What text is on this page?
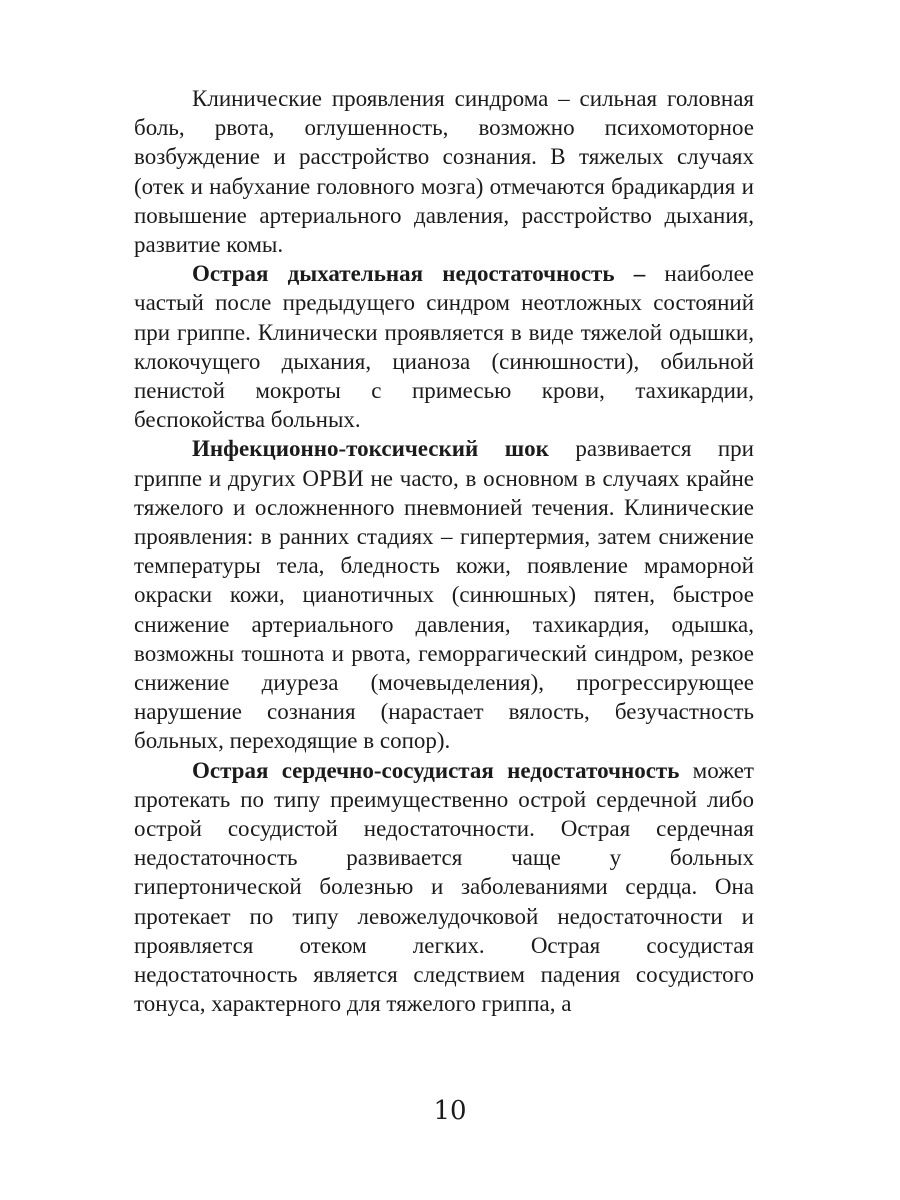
Клинические проявления синдрома – сильная головная боль, рвота, оглушенность, возможно психомоторное возбуждение и расстройство сознания. В тяжелых случаях (отек и набухание головного мозга) отмечаются брадикардия и повышение артериального давления, расстройство дыхания, развитие комы.

Острая дыхательная недостаточность – наиболее частый после предыдущего синдром неотложных состояний при гриппе. Клинически проявляется в виде тяжелой одышки, клокочущего дыхания, цианоза (синюшности), обильной пенистой мокроты с примесью крови, тахикардии, беспокойства больных.

Инфекционно-токсический шок развивается при гриппе и других ОРВИ не часто, в основном в случаях крайне тяжелого и осложненного пневмонией течения. Клинические проявления: в ранних стадиях – гипертермия, затем снижение температуры тела, бледность кожи, появление мраморной окраски кожи, цианотичных (синюшных) пятен, быстрое снижение артериального давления, тахикардия, одышка, возможны тошнота и рвота, геморрагический синдром, резкое снижение диуреза (мочевыделения), прогрессирующее нарушение сознания (нарастает вялость, безучастность больных, переходящие в сопор).

Острая сердечно-сосудистая недостаточность может протекать по типу преимущественно острой сердечной либо острой сосудистой недостаточности. Острая сердечная недостаточность развивается чаще у больных гипертонической болезнью и заболеваниями сердца. Она протекает по типу левожелудочковой недостаточности и проявляется отеком легких. Острая сосудистая недостаточность является следствием падения сосудистого тонуса, характерного для тяжелого гриппа, а

10
